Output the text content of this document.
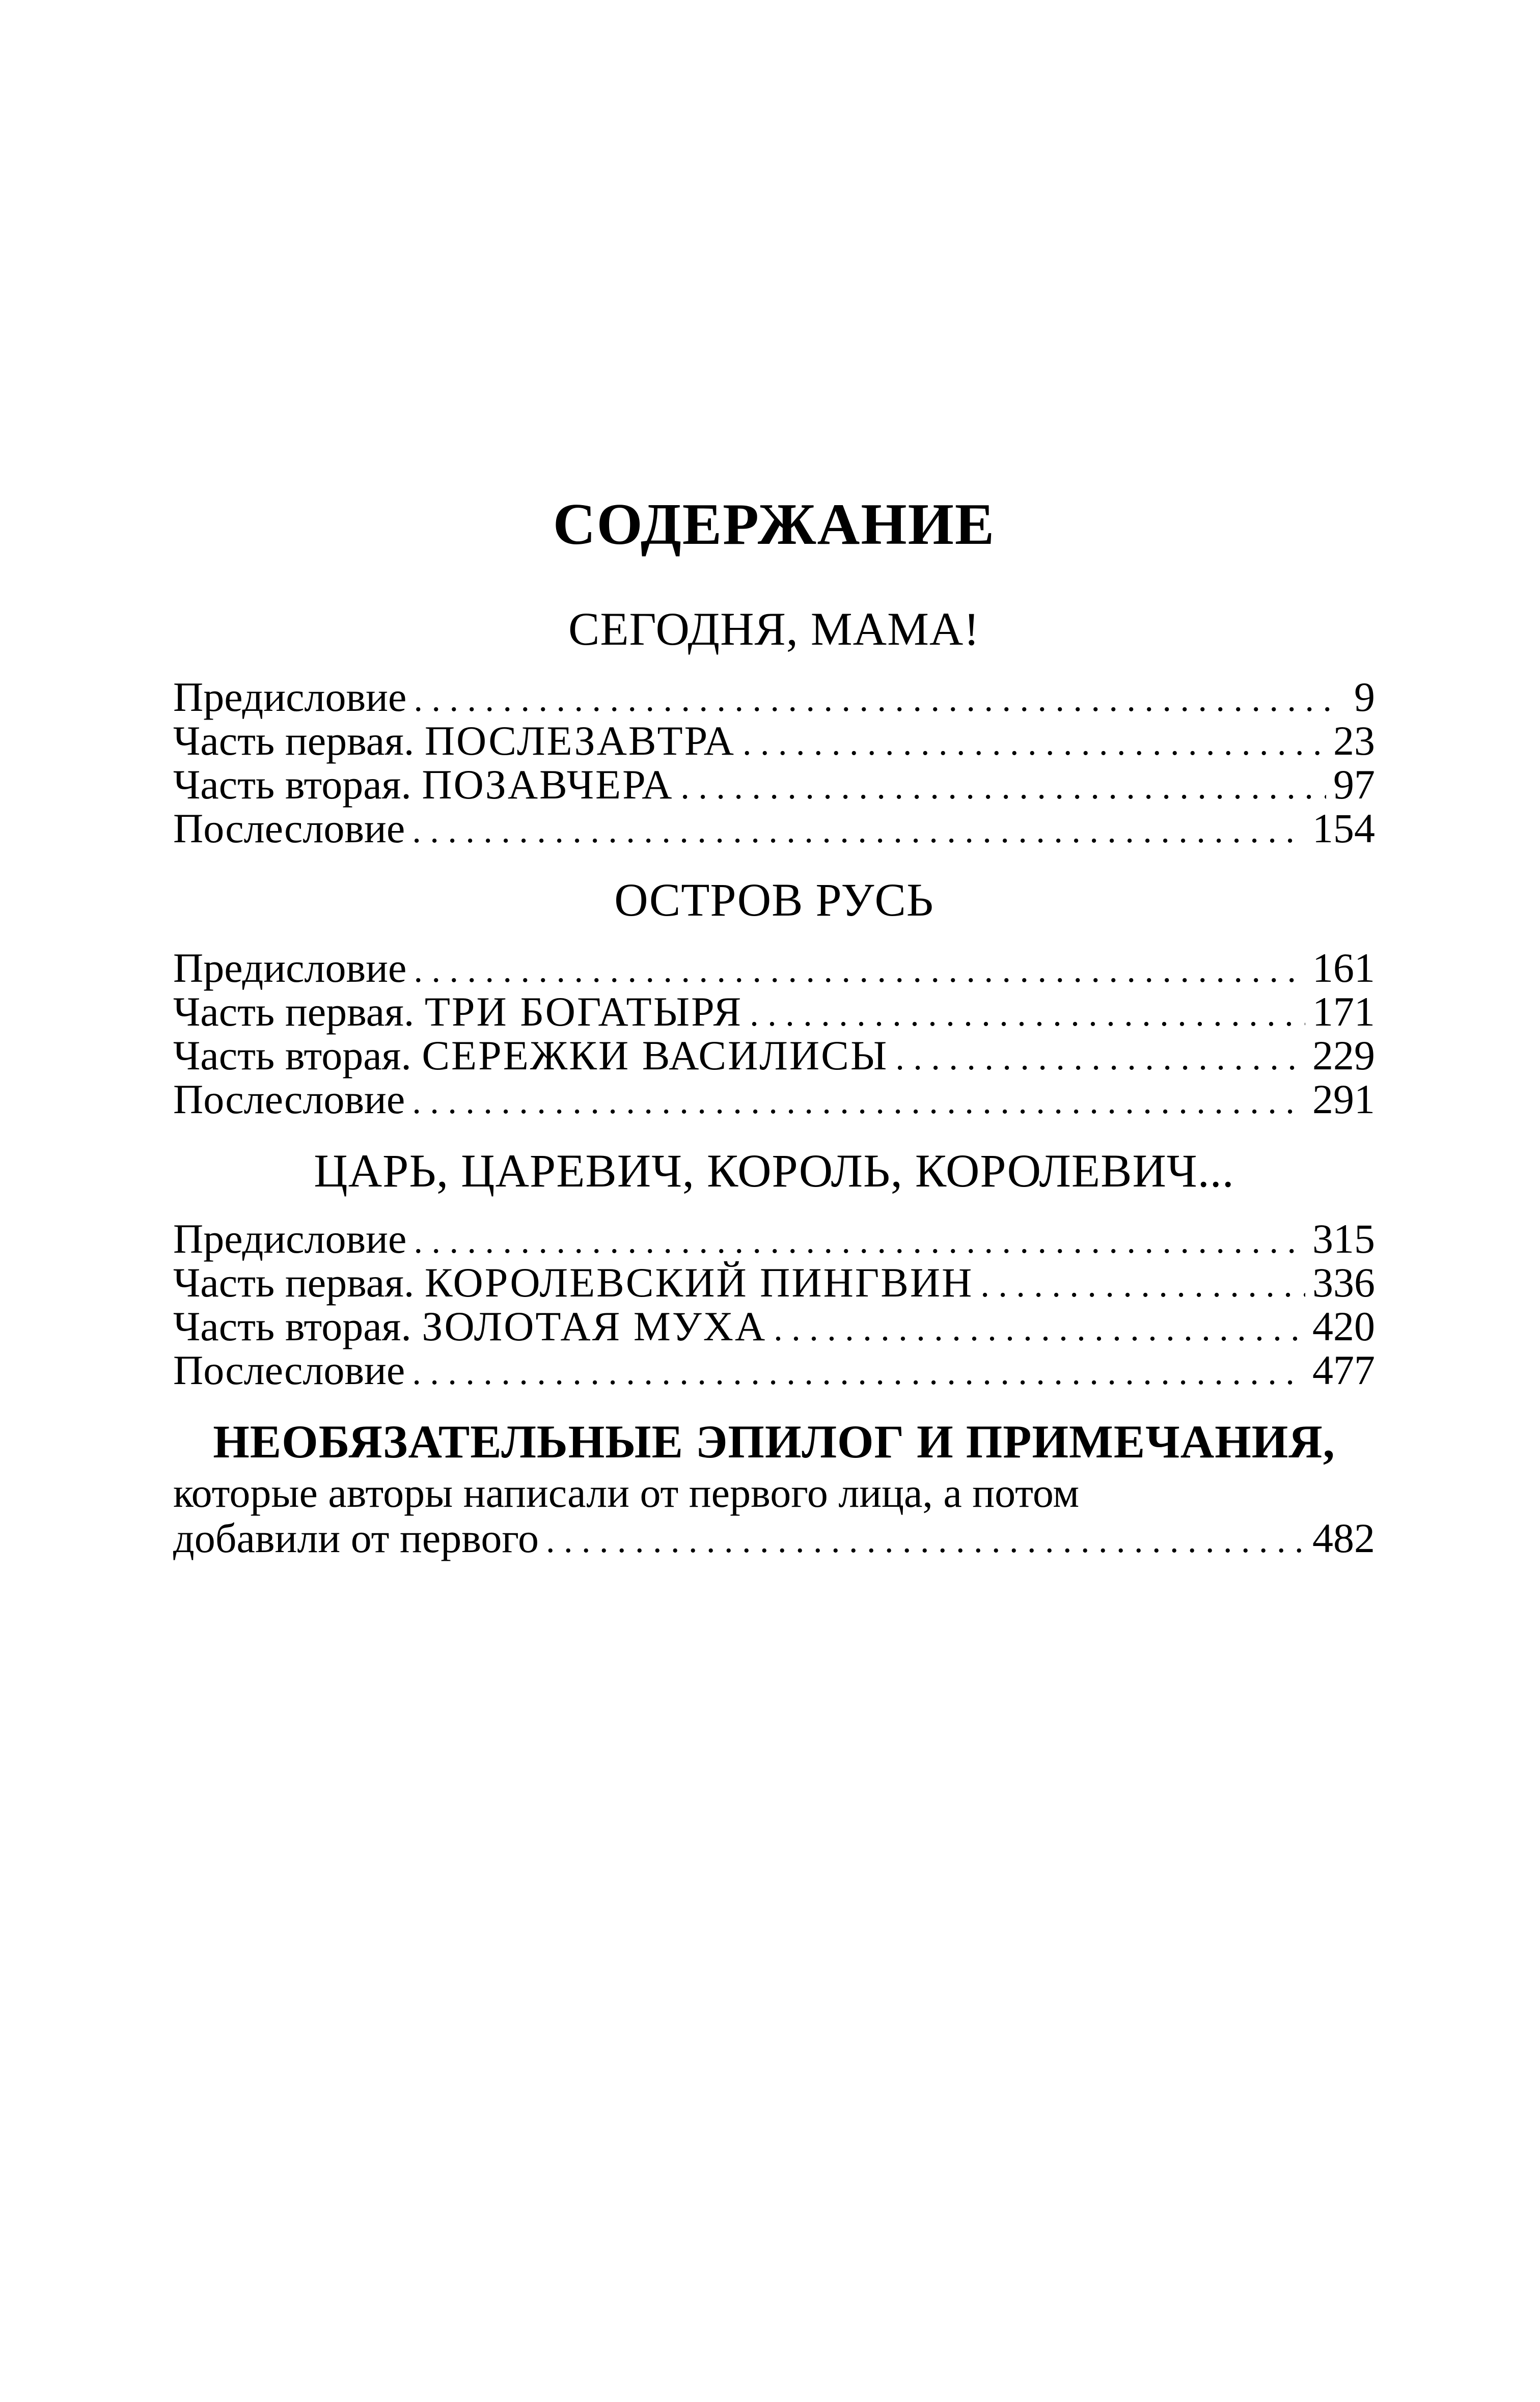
СОДЕРЖАНИЕ
СЕГОДНЯ, МАМА!
Предисловие . . .	9
Часть первая. ПОСЛЕЗАВТРА . . .	23
Часть вторая. ПОЗАВЧЕРА . . .	97
Послесловие . . .	154
ОСТРОВ РУСЬ
Предисловие . . .	161
Часть первая. ТРИ БОГАТЫРЯ . . .	171
Часть вторая. СЕРЕЖКИ ВАСИЛИСЫ . . .	229
Послесловие . . .	291
ЦАРЬ, ЦАРЕВИЧ, КОРОЛЬ, КОРОЛЕВИЧ...
Предисловие . . .	315
Часть первая. КОРОЛЕВСКИЙ ПИНГВИН . . .	336
Часть вторая. ЗОЛОТАЯ МУХА . . .	420
Послесловие . . .	477
НЕОБЯЗАТЕЛЬНЫЕ ЭПИЛОГ И ПРИМЕЧАНИЯ,

которые авторы написали от первого лица, а потом

добавили от первого . . .	482
